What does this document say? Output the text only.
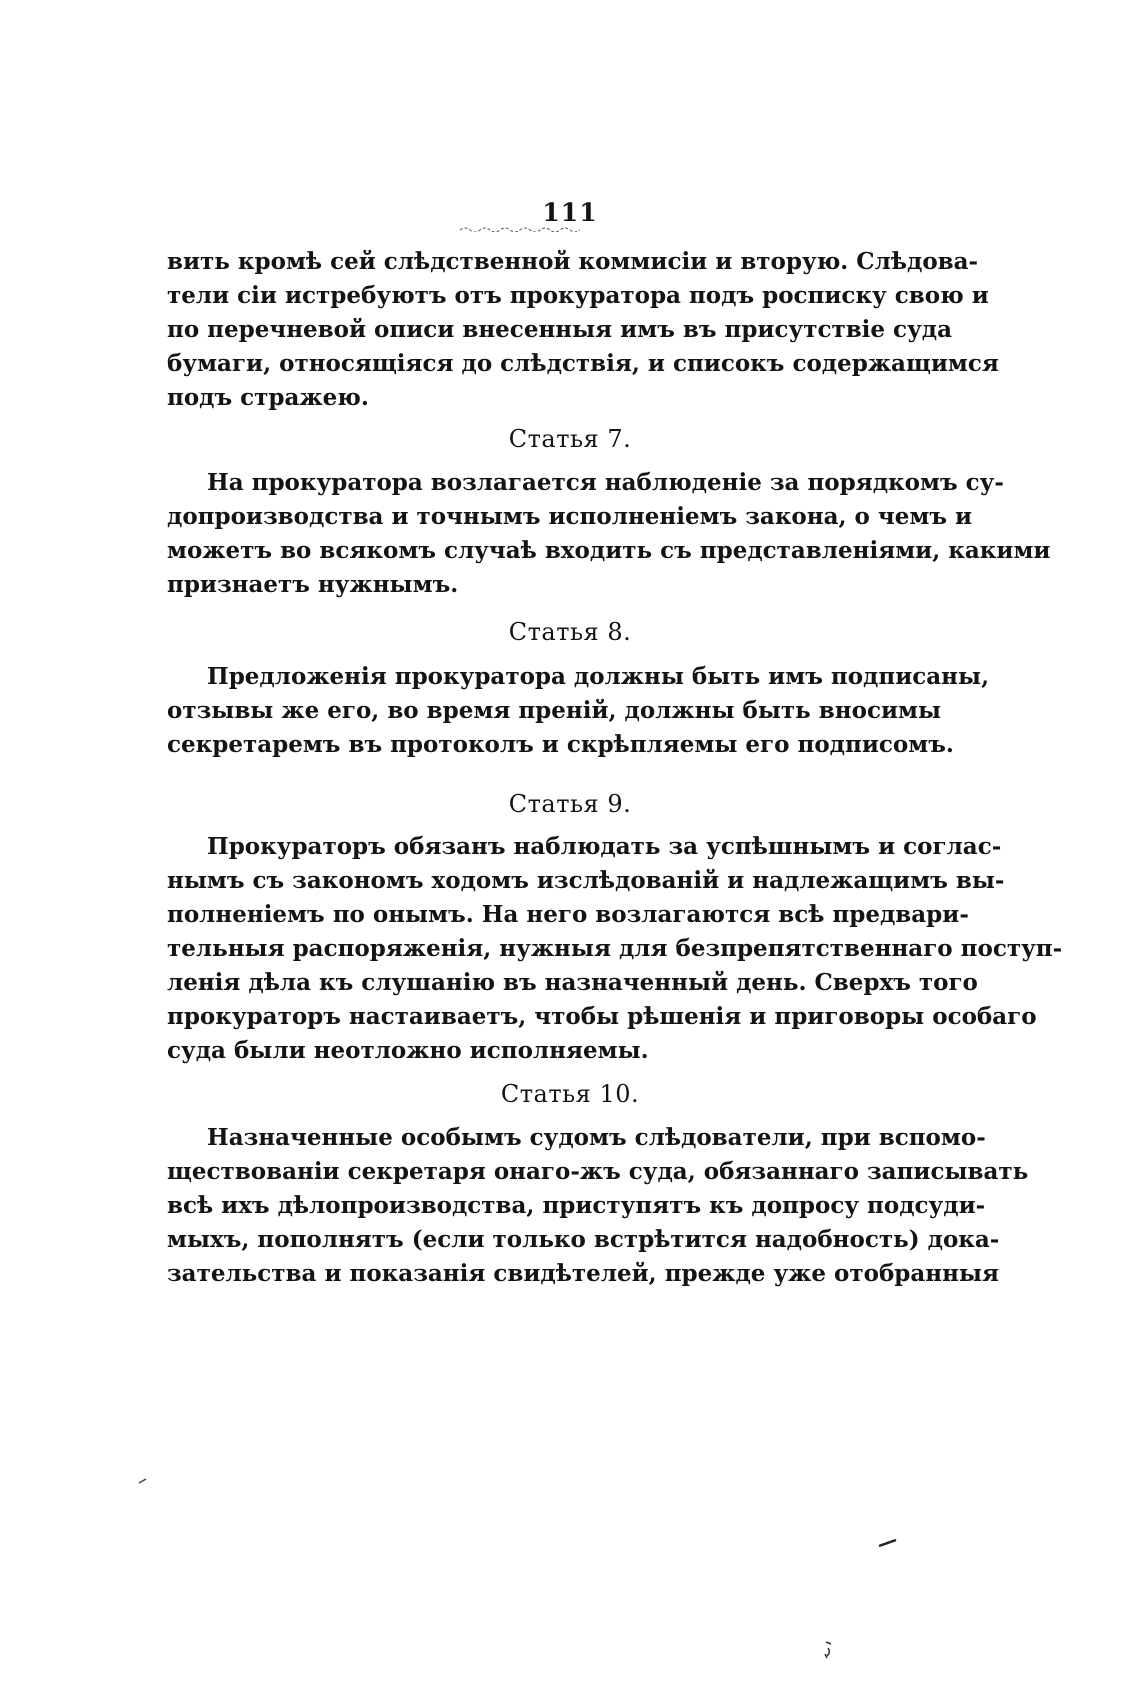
111
вить кромѣ сей слѣдственной коммисіи и вторую. Слѣдова-
тели сіи истребуютъ отъ прокуратора подъ росписку свою и
по перечневой описи внесенныя имъ въ присутствіе суда
бумаги, относящіяся до слѣдствія, и списокъ содержащимся
подъ стражею.
Статья 7.
На прокуратора возлагается наблюденіе за порядкомъ су-
допроизводства и точнымъ исполненіемъ закона, о чемъ и
можетъ во всякомъ случаѣ входить съ представленіями, какими
признаетъ нужнымъ.
Статья 8.
Предложенія прокуратора должны быть имъ подписаны,
отзывы же его, во время преній, должны быть вносимы
секретаремъ въ протоколъ и скрѣпляемы его подписомъ.
Статья 9.
Прокураторъ обязанъ наблюдать за успѣшнымъ и соглас-
нымъ съ закономъ ходомъ изслѣдованій и надлежащимъ вы-
полненіемъ по онымъ. На него возлагаются всѣ предвари-
тельныя распоряженія, нужныя для безпрепятственнаго поступ-
ленія дѣла къ слушанію въ назначенный день. Сверхъ того
прокураторъ настаиваетъ, чтобы рѣшенія и приговоры особаго
суда были неотложно исполняемы.
Статья 10.
Назначенные особымъ судомъ слѣдователи, при вспомо-
ществованіи секретаря онаго-жъ суда, обязаннаго записывать
всѣ ихъ дѣлопроизводства, приступятъ къ допросу подсуди-
мыхъ, пополнятъ (если только встрѣтится надобность) дока-
зательства и показанія свидѣтелей, прежде уже отобранныя
